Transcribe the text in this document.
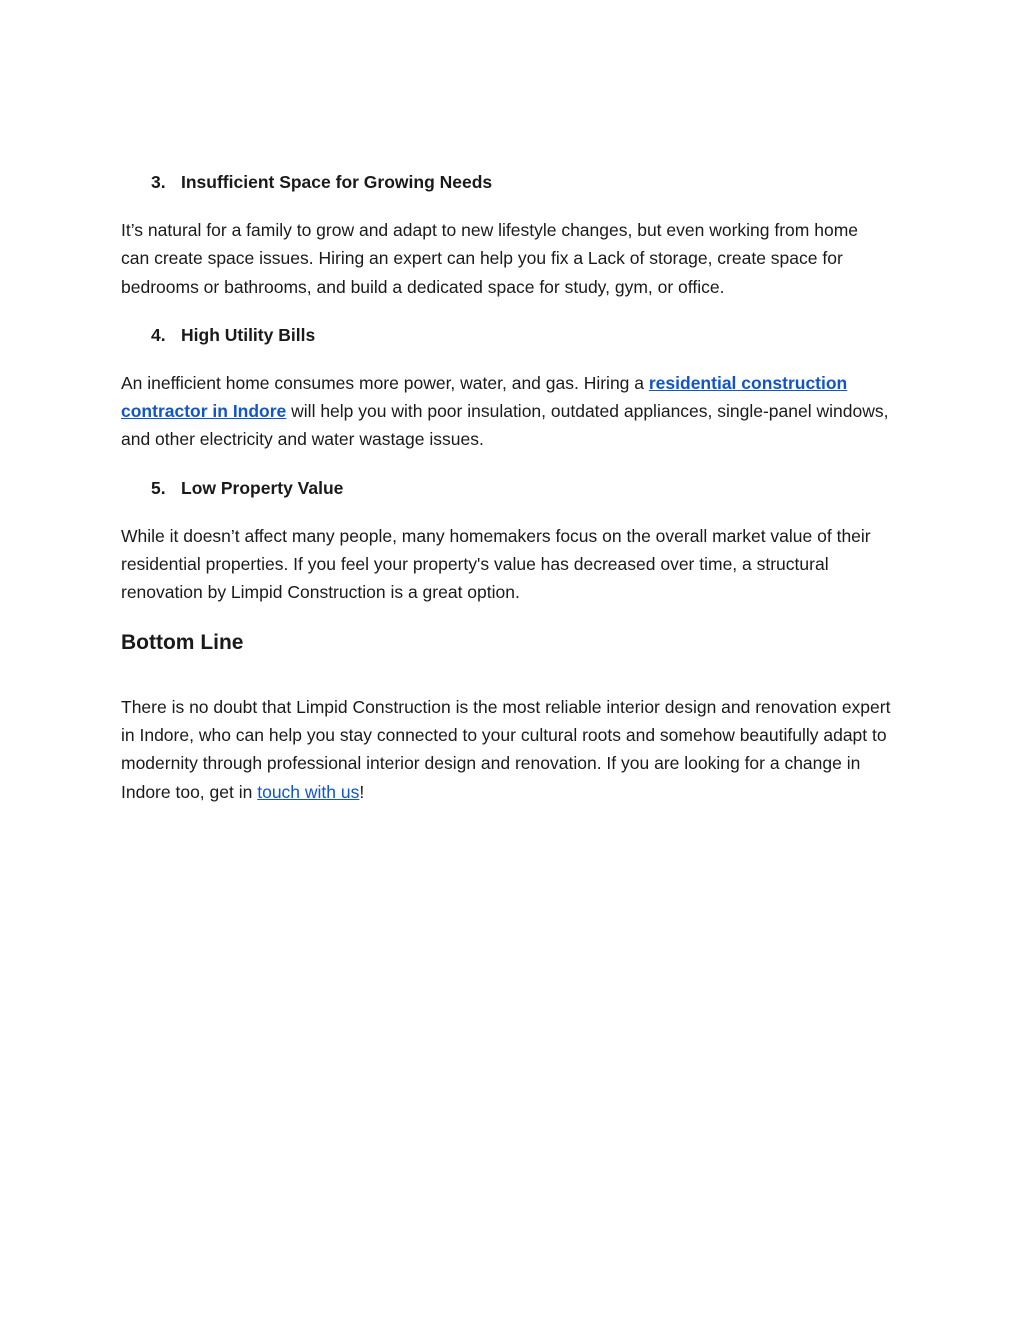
3. Insufficient Space for Growing Needs

It’s natural for a family to grow and adapt to new lifestyle changes, but even working from home can create space issues. Hiring an expert can help you fix a Lack of storage, create space for bedrooms or bathrooms, and build a dedicated space for study, gym, or office.

4. High Utility Bills

An inefficient home consumes more power, water, and gas. Hiring a residential construction contractor in Indore will help you with poor insulation, outdated appliances, single-panel windows, and other electricity and water wastage issues.

5. Low Property Value

While it doesn’t affect many people, many homemakers focus on the overall market value of their residential properties. If you feel your property's value has decreased over time, a structural renovation by Limpid Construction is a great option.

Bottom Line

There is no doubt that Limpid Construction is the most reliable interior design and renovation expert in Indore, who can help you stay connected to your cultural roots and somehow beautifully adapt to modernity through professional interior design and renovation. If you are looking for a change in Indore too, get in touch with us!
